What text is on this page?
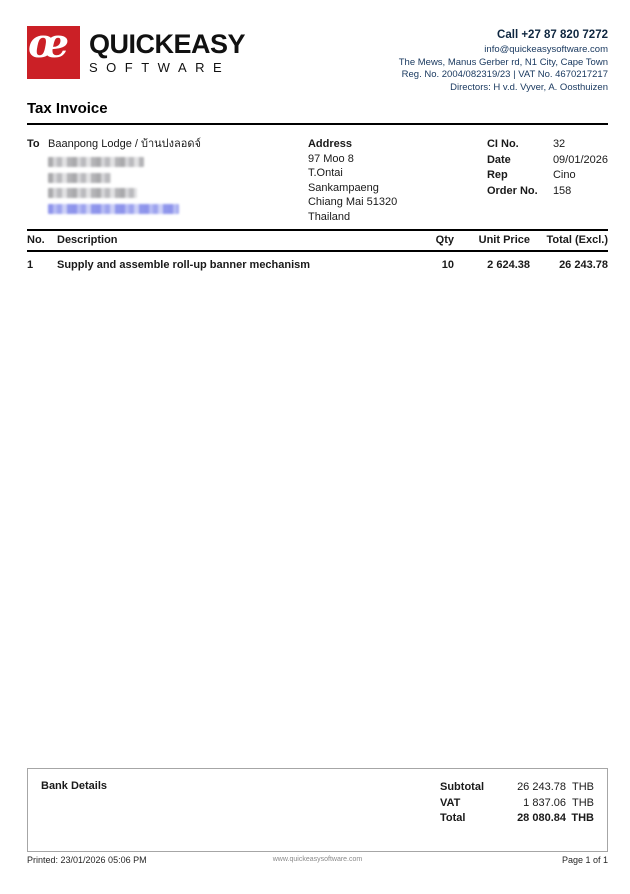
œ QUICKEASY
SOFTWARE
Call +27 87 820 7272
info@quickeasysoftware.com
The Mews, Manus Gerber rd, N1 City, Cape Town
Reg. No. 2004/082319/23 | VAT No. 4670217217
Directors: H v.d. Vyver, A. Oosthuizen
Tax Invoice
To Baanpong Lodge / บ้านปงลอดจ์	Address
97 Moo 8
T.Ontai
Sankampaeng
Chiang Mai 51320
Thailand
CI No.	32
Date	09/01/2026
Rep	Cino
Order No.	158
No.	Description	Qty	Unit Price	Total (Excl.)
1	Supply and assemble roll-up banner mechanism	10	2 624.38	26 243.78
Bank Details	Subtotal	26 243.78 THB
VAT	1 837.06 THB
Total	28 080.84 THB
Printed: 23/01/2026 05:06 PM	www.quickeasysoftware.com	Page 1 of 1
